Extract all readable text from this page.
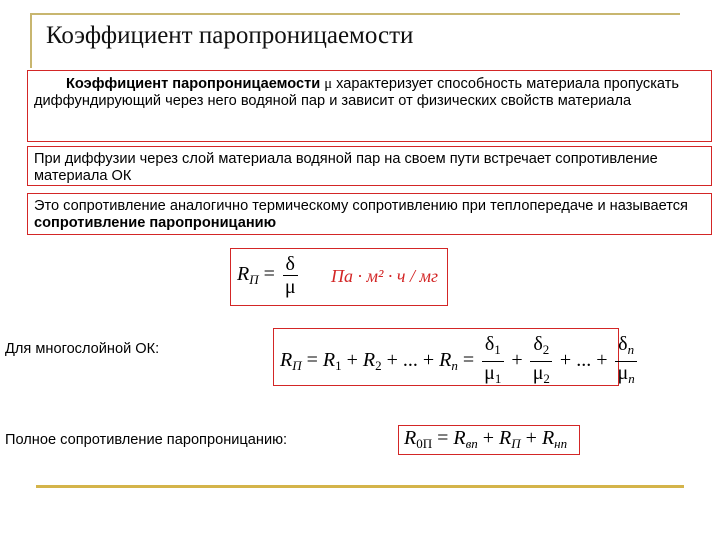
Коэффициент паропроницаемости
Коэффициент паропроницаемости μ характеризует способность материала пропускать диффундирующий через него водяной пар и зависит от физических свойств материала
При диффузии через слой материала водяной пар на своем пути встречает сопротивление материала ОК
Это сопротивление аналогично термическому сопротивлению при теплопередаче и называется сопротивление паропроницанию
$R_П = \frac{\delta}{\mu}$ Па · м² · ч / мг
Для многослойной ОК:
$R_П = R_1 + R_2$ + ... + $R_n = \frac{\delta_1}{\mu_1} + \frac{\delta_2}{\mu_2}$ + ... + $\frac{\delta_n}{\mu_n}$
Полное сопротивление паропроницанию:	$R_{0П} = R_{вп} + R_П + R_{нп}$
